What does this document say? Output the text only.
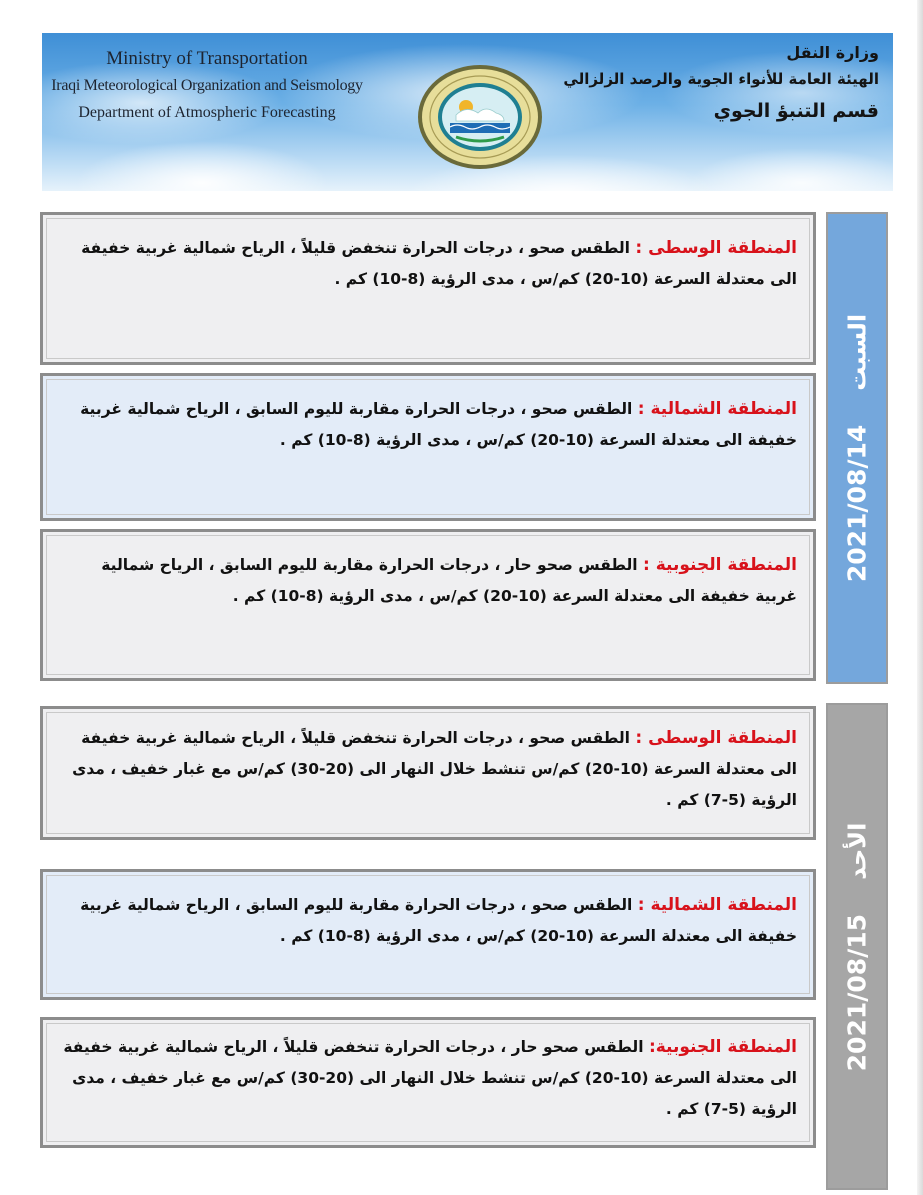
Ministry of Transportation
Iraqi Meteorological Organization and Seismology
Department of Atmospheric Forecasting
وزارة النقل
الهيئة العامة للأنواء الجوية والرصد الزلزالي
قسم التنبؤ الجوي
المنطقة الوسطى : الطقس صحو ، درجات الحرارة تنخفض قليلاً ، الرياح شمالية غربية خفيفة الى معتدلة السرعة (10-20) كم/س ، مدى الرؤية (8-10) كم .
المنطقة الشمالية : الطقس صحو ، درجات الحرارة مقاربة لليوم السابق ، الرياح شمالية غربية خفيفة الى معتدلة السرعة (10-20) كم/س ، مدى الرؤية (8-10) كم .
المنطقة الجنوبية : الطقس صحو حار ، درجات الحرارة مقاربة لليوم السابق ، الرياح شمالية غربية خفيفة الى معتدلة السرعة (10-20) كم/س ، مدى الرؤية (8-10) كم .
2021/08/14
السبت
المنطقة الوسطى : الطقس صحو ، درجات الحرارة تنخفض قليلاً ، الرياح شمالية غربية خفيفة الى معتدلة السرعة (10-20) كم/س تنشط خلال النهار الى (20-30) كم/س مع غبار خفيف ، مدى الرؤية (5-7) كم .
المنطقة الشمالية : الطقس صحو ، درجات الحرارة مقاربة لليوم السابق ، الرياح شمالية غربية خفيفة الى معتدلة السرعة (10-20) كم/س ، مدى الرؤية (8-10) كم .
المنطقة الجنوبية: الطقس صحو حار ، درجات الحرارة تنخفض قليلاً ، الرياح شمالية غربية خفيفة الى معتدلة السرعة (10-20) كم/س تنشط خلال النهار الى (20-30) كم/س مع غبار خفيف ، مدى الرؤية (5-7) كم .
2021/08/15
الأحد
